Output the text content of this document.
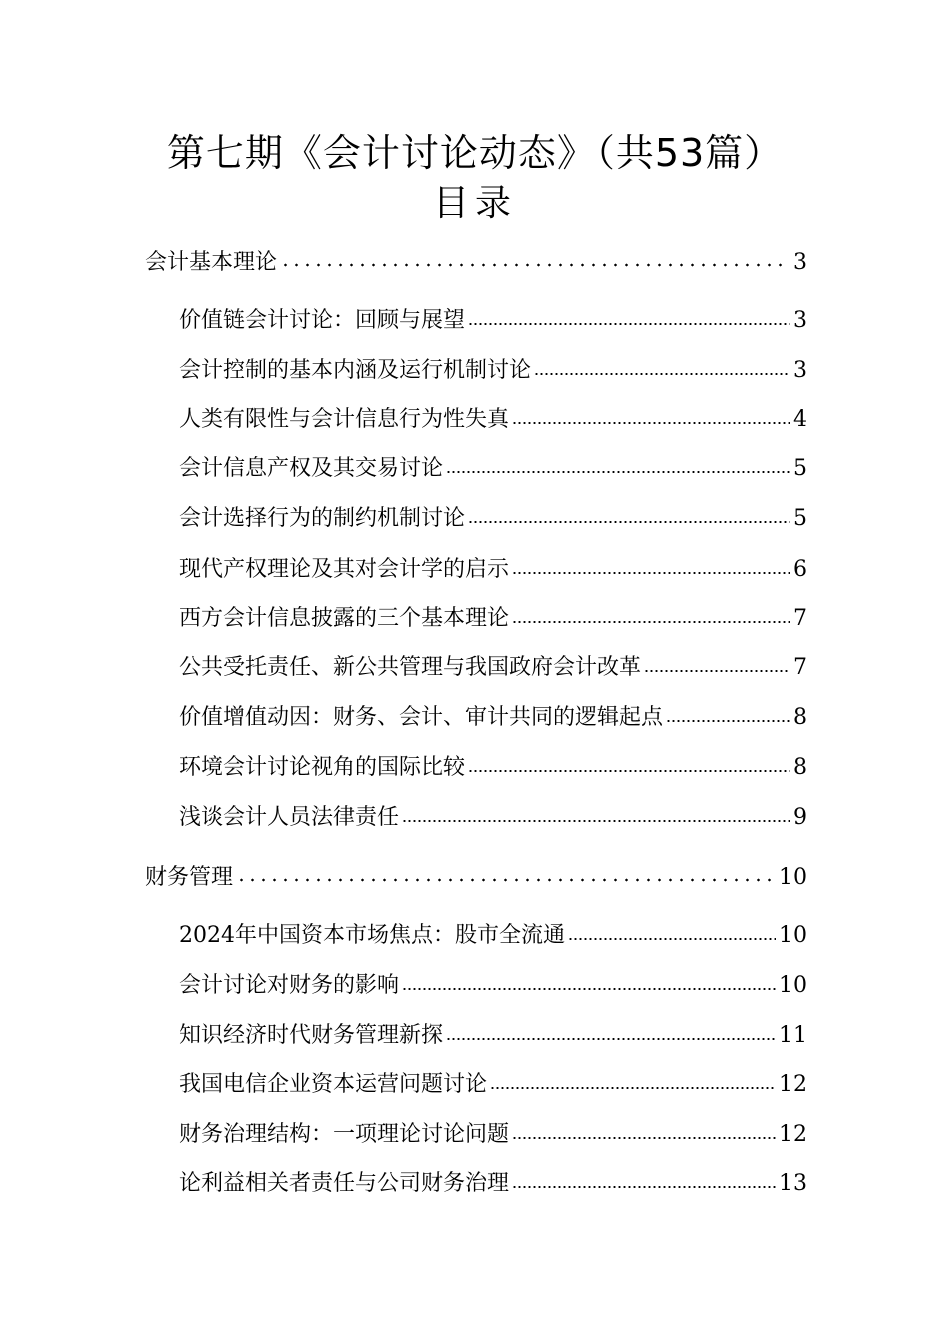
第七期《会计讨论动态》（共53篇）
目录
会计基本理论	3
价值链会计讨论：回顾与展望	3
会计控制的基本内涵及运行机制讨论	3
人类有限性与会计信息行为性失真	4
会计信息产权及其交易讨论	5
会计选择行为的制约机制讨论	5
现代产权理论及其对会计学的启示	6
西方会计信息披露的三个基本理论	7
公共受托责任、新公共管理与我国政府会计改革	7
价值增值动因：财务、会计、审计共同的逻辑起点	8
环境会计讨论视角的国际比较	8
浅谈会计人员法律责任	9
财务管理	10
2024年中国资本市场焦点：股市全流通	10
会计讨论对财务的影响	10
知识经济时代财务管理新探	11
我国电信企业资本运营问题讨论	12
财务治理结构：一项理论讨论问题	12
论利益相关者责任与公司财务治理	13
